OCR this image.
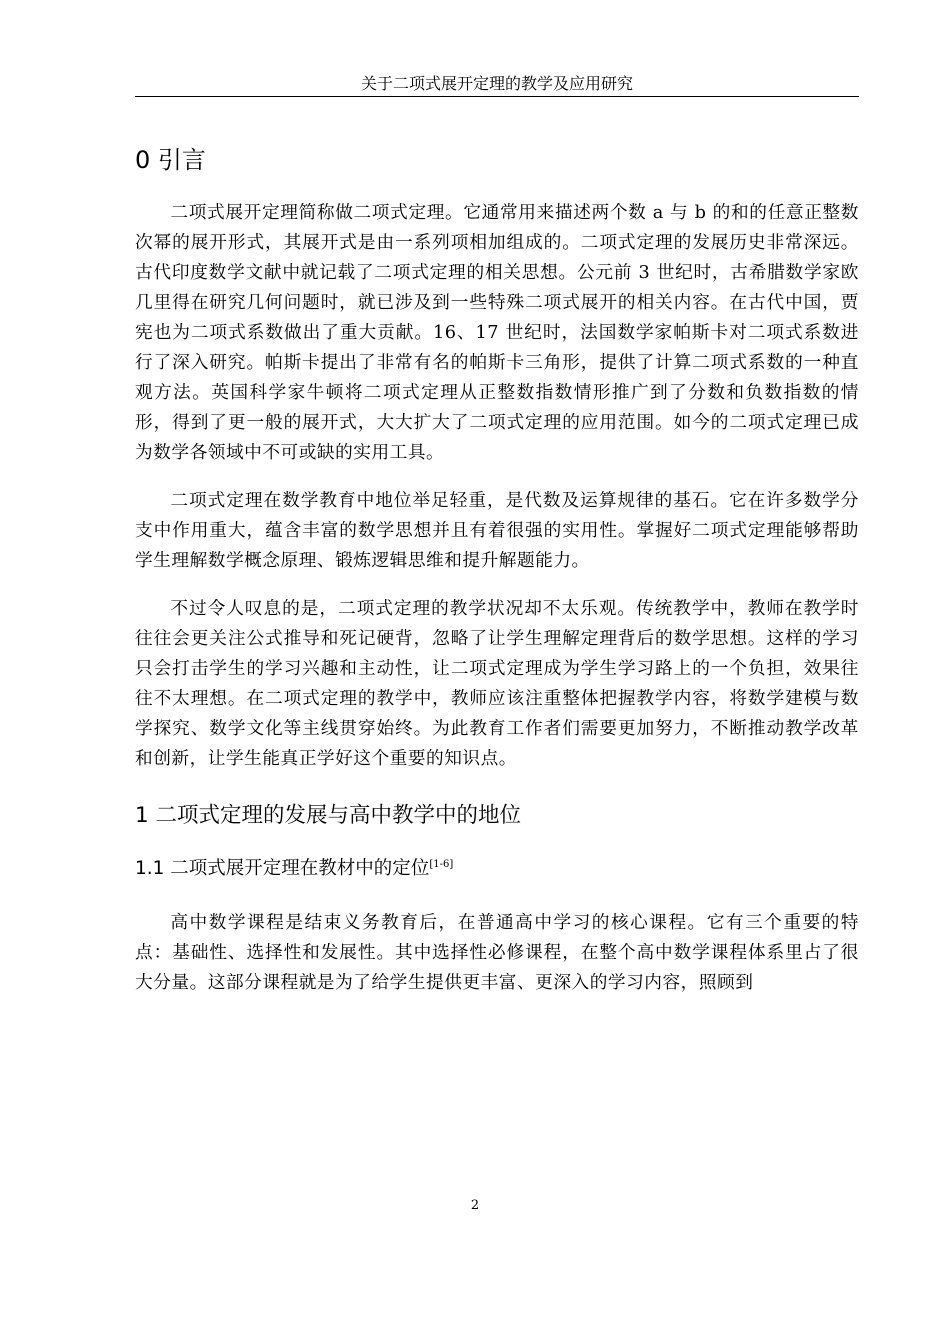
关于二项式展开定理的教学及应用研究
0 引言

二项式展开定理简称做二项式定理。它通常用来描述两个数 a 与 b 的和的任意正整数次幂的展开形式，其展开式是由一系列项相加组成的。二项式定理的发展历史非常深远。古代印度数学文献中就记载了二项式定理的相关思想。公元前 3 世纪时，古希腊数学家欧几里得在研究几何问题时，就已涉及到一些特殊二项式展开的相关内容。在古代中国，贾宪也为二项式系数做出了重大贡献。16、17 世纪时，法国数学家帕斯卡对二项式系数进行了深入研究。帕斯卡提出了非常有名的帕斯卡三角形，提供了计算二项式系数的一种直观方法。英国科学家牛顿将二项式定理从正整数指数情形推广到了分数和负数指数的情形，得到了更一般的展开式，大大扩大了二项式定理的应用范围。如今的二项式定理已成为数学各领域中不可或缺的实用工具。

二项式定理在数学教育中地位举足轻重，是代数及运算规律的基石。它在许多数学分支中作用重大，蕴含丰富的数学思想并且有着很强的实用性。掌握好二项式定理能够帮助学生理解数学概念原理、锻炼逻辑思维和提升解题能力。

不过令人叹息的是，二项式定理的教学状况却不太乐观。传统教学中，教师在教学时往往会更关注公式推导和死记硬背，忽略了让学生理解定理背后的数学思想。这样的学习只会打击学生的学习兴趣和主动性，让二项式定理成为学生学习路上的一个负担，效果往往不太理想。在二项式定理的教学中，教师应该注重整体把握教学内容，将数学建模与数学探究、数学文化等主线贯穿始终。为此教育工作者们需要更加努力，不断推动教学改革和创新，让学生能真正学好这个重要的知识点。

1 二项式定理的发展与高中教学中的地位
1.1 二项式展开定理在教材中的定位[1-6]

高中数学课程是结束义务教育后，在普通高中学习的核心课程。它有三个重要的特点：基础性、选择性和发展性。其中选择性必修课程，在整个高中数学课程体系里占了很大分量。这部分课程就是为了给学生提供更丰富、更深入的学习内容，照顾到

2
